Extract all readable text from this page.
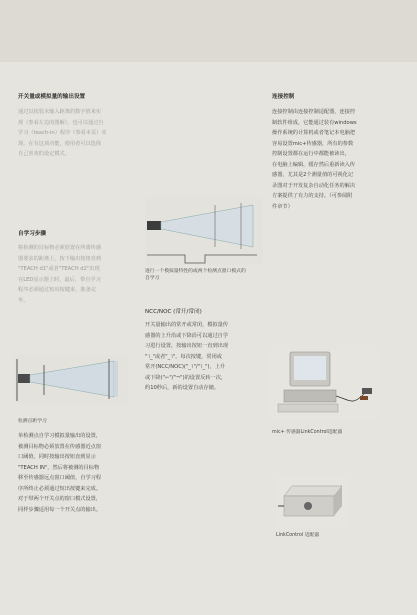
开关量或模拟量的输出设置
通过以按装未输入距离的数字值来实
现（参看左边的图解），也可以通过自
学习（teach-in）程序（参看本页）实
现。在有这项功能，使用者可以选择
自己喜欢的设定模式。
自学习步骤
将检测的目标物必须放置在所离传感
器要求的距离上，按下输出按钮直到
"TEACH d1"或者"TEACH d2"出现
在LED显示器上时，最后，带自学习
程序必须通过短出按键来，准备完
毕。
检测点距学习
单检测点自学习模拟量输出的设置，
被测目标物必须放置在传感器近点窗
口阈值，同时按输出按钮直到显示
"TEACH IN"，然后将被测的目标物
移至传感器远点窗口阈值，自学习程
序所终止必须通过短出按键来完成。
对于带两个开关点的窗口模式设置，
同样步骤适用每一个开关点的输出。
进行一个模拟量特性的或两个检测点窗口模式的
自学习
NCC/NOC (常开/常闭)
开关量输出的常开或常闭，模拟量传
感器的上升沿或下降沿可以通过自学
习进行设置，按输出按钮一直到出现
"˥_"或者"_˥"。每次按键，常闭或
常开(NCC/NOC)("_˥"/"˥_")，上升
或下降("⌐"/"¬")的设置反转一次，
约10秒后，新的设置自动存储。
连接控制
连接控制由连接控制适配器，连接控
制软件组成，它能通过装有windows
操作系统的计算机或者笔记本电脑把
容易设置mic+传感器，所有的参数
控制设置都在运行中都能被读出，
在电脑上编辑，缓存然后重新读入传
感器，尤其是2个测量值的可视化记
录图对于开发复杂自动化任务的解决
方案提供了有力的支持。（可参阅附
件章节）
mic+ 传感器LinkControl适配器
LinkControl 适配器
